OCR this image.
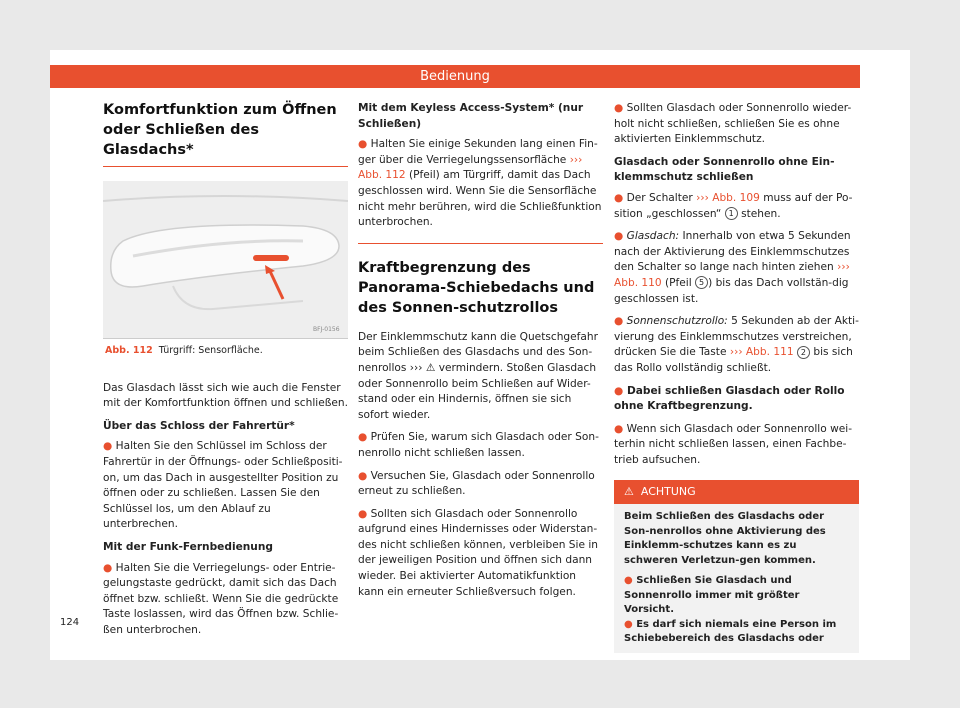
Bedienung
Komfortfunktion zum Öffnen oder Schließen des Glasdachs*
BFJ-0156
Abb. 112 Türgriff: Sensorfläche.

Das Glasdach lässt sich wie auch die Fenster mit der Komfortfunktion öffnen und schließen.

Über das Schloss der Fahrertür*

● Halten Sie den Schlüssel im Schloss der Fahrertür in der Öffnungs- oder Schließpositi-on, um das Dach in ausgestellter Position zu öffnen oder zu schließen. Lassen Sie den Schlüssel los, um den Ablauf zu unterbrechen.

Mit der Funk-Fernbedienung

● Halten Sie die Verriegelungs- oder Entrie-gelungstaste gedrückt, damit sich das Dach öffnet bzw. schließt. Wenn Sie die gedrückte Taste loslassen, wird das Öffnen bzw. Schlie-ßen unterbrochen.

Mit dem Keyless Access-System* (nur Schließen)

● Halten Sie einige Sekunden lang einen Fin-ger über die Verriegelungssensorfläche ››› Abb. 112 (Pfeil) am Türgriff, damit das Dach geschlossen wird. Wenn Sie die Sensorfläche nicht mehr berühren, wird die Schließfunktion unterbrochen.

Kraftbegrenzung des Panorama-Schiebedachs und des Sonnen-schutzrollos

Der Einklemmschutz kann die Quetschgefahr beim Schließen des Glasdachs und des Son-nenrollos ››› ⚠ vermindern. Stoßen Glasdach oder Sonnenrollo beim Schließen auf Wider-stand oder ein Hindernis, öffnen sie sich sofort wieder.

● Prüfen Sie, warum sich Glasdach oder Son-nenrollo nicht schließen lassen.

● Versuchen Sie, Glasdach oder Sonnenrollo erneut zu schließen.

● Sollten sich Glasdach oder Sonnenrollo aufgrund eines Hindernisses oder Widerstan-des nicht schließen können, verbleiben Sie in der jeweiligen Position und öffnen sich dann wieder. Bei aktivierter Automatikfunktion kann ein erneuter Schließversuch folgen.

● Sollten Glasdach oder Sonnenrollo wieder-holt nicht schließen, schließen Sie es ohne aktivierten Einklemmschutz.

Glasdach oder Sonnenrollo ohne Ein-klemmschutz schließen

● Der Schalter ››› Abb. 109 muss auf der Po-sition „geschlossen“ 1 stehen.

● Glasdach: Innerhalb von etwa 5 Sekunden nach der Aktivierung des Einklemmschutzes den Schalter so lange nach hinten ziehen ››› Abb. 110 (Pfeil 5 ) bis das Dach vollstän-dig geschlossen ist.

● Sonnenschutzrollo: 5 Sekunden ab der Akti-vierung des Einklemmschutzes verstreichen, drücken Sie die Taste ››› Abb. 111 2 bis sich das Rollo vollständig schließt.

● Dabei schließen Glasdach oder Rollo ohne Kraftbegrenzung.

● Wenn sich Glasdach oder Sonnenrollo wei-terhin nicht schließen lassen, einen Fachbe-trieb aufsuchen.

⚠ ACHTUNG
Beim Schließen des Glasdachs oder Son-nenrollos ohne Aktivierung des Einklemm-schutzes kann es zu schweren Verletzun-gen kommen.
● Schließen Sie Glasdach und Sonnenrollo immer mit größter Vorsicht.
● Es darf sich niemals eine Person im Schiebebereich des Glasdachs oder
124
